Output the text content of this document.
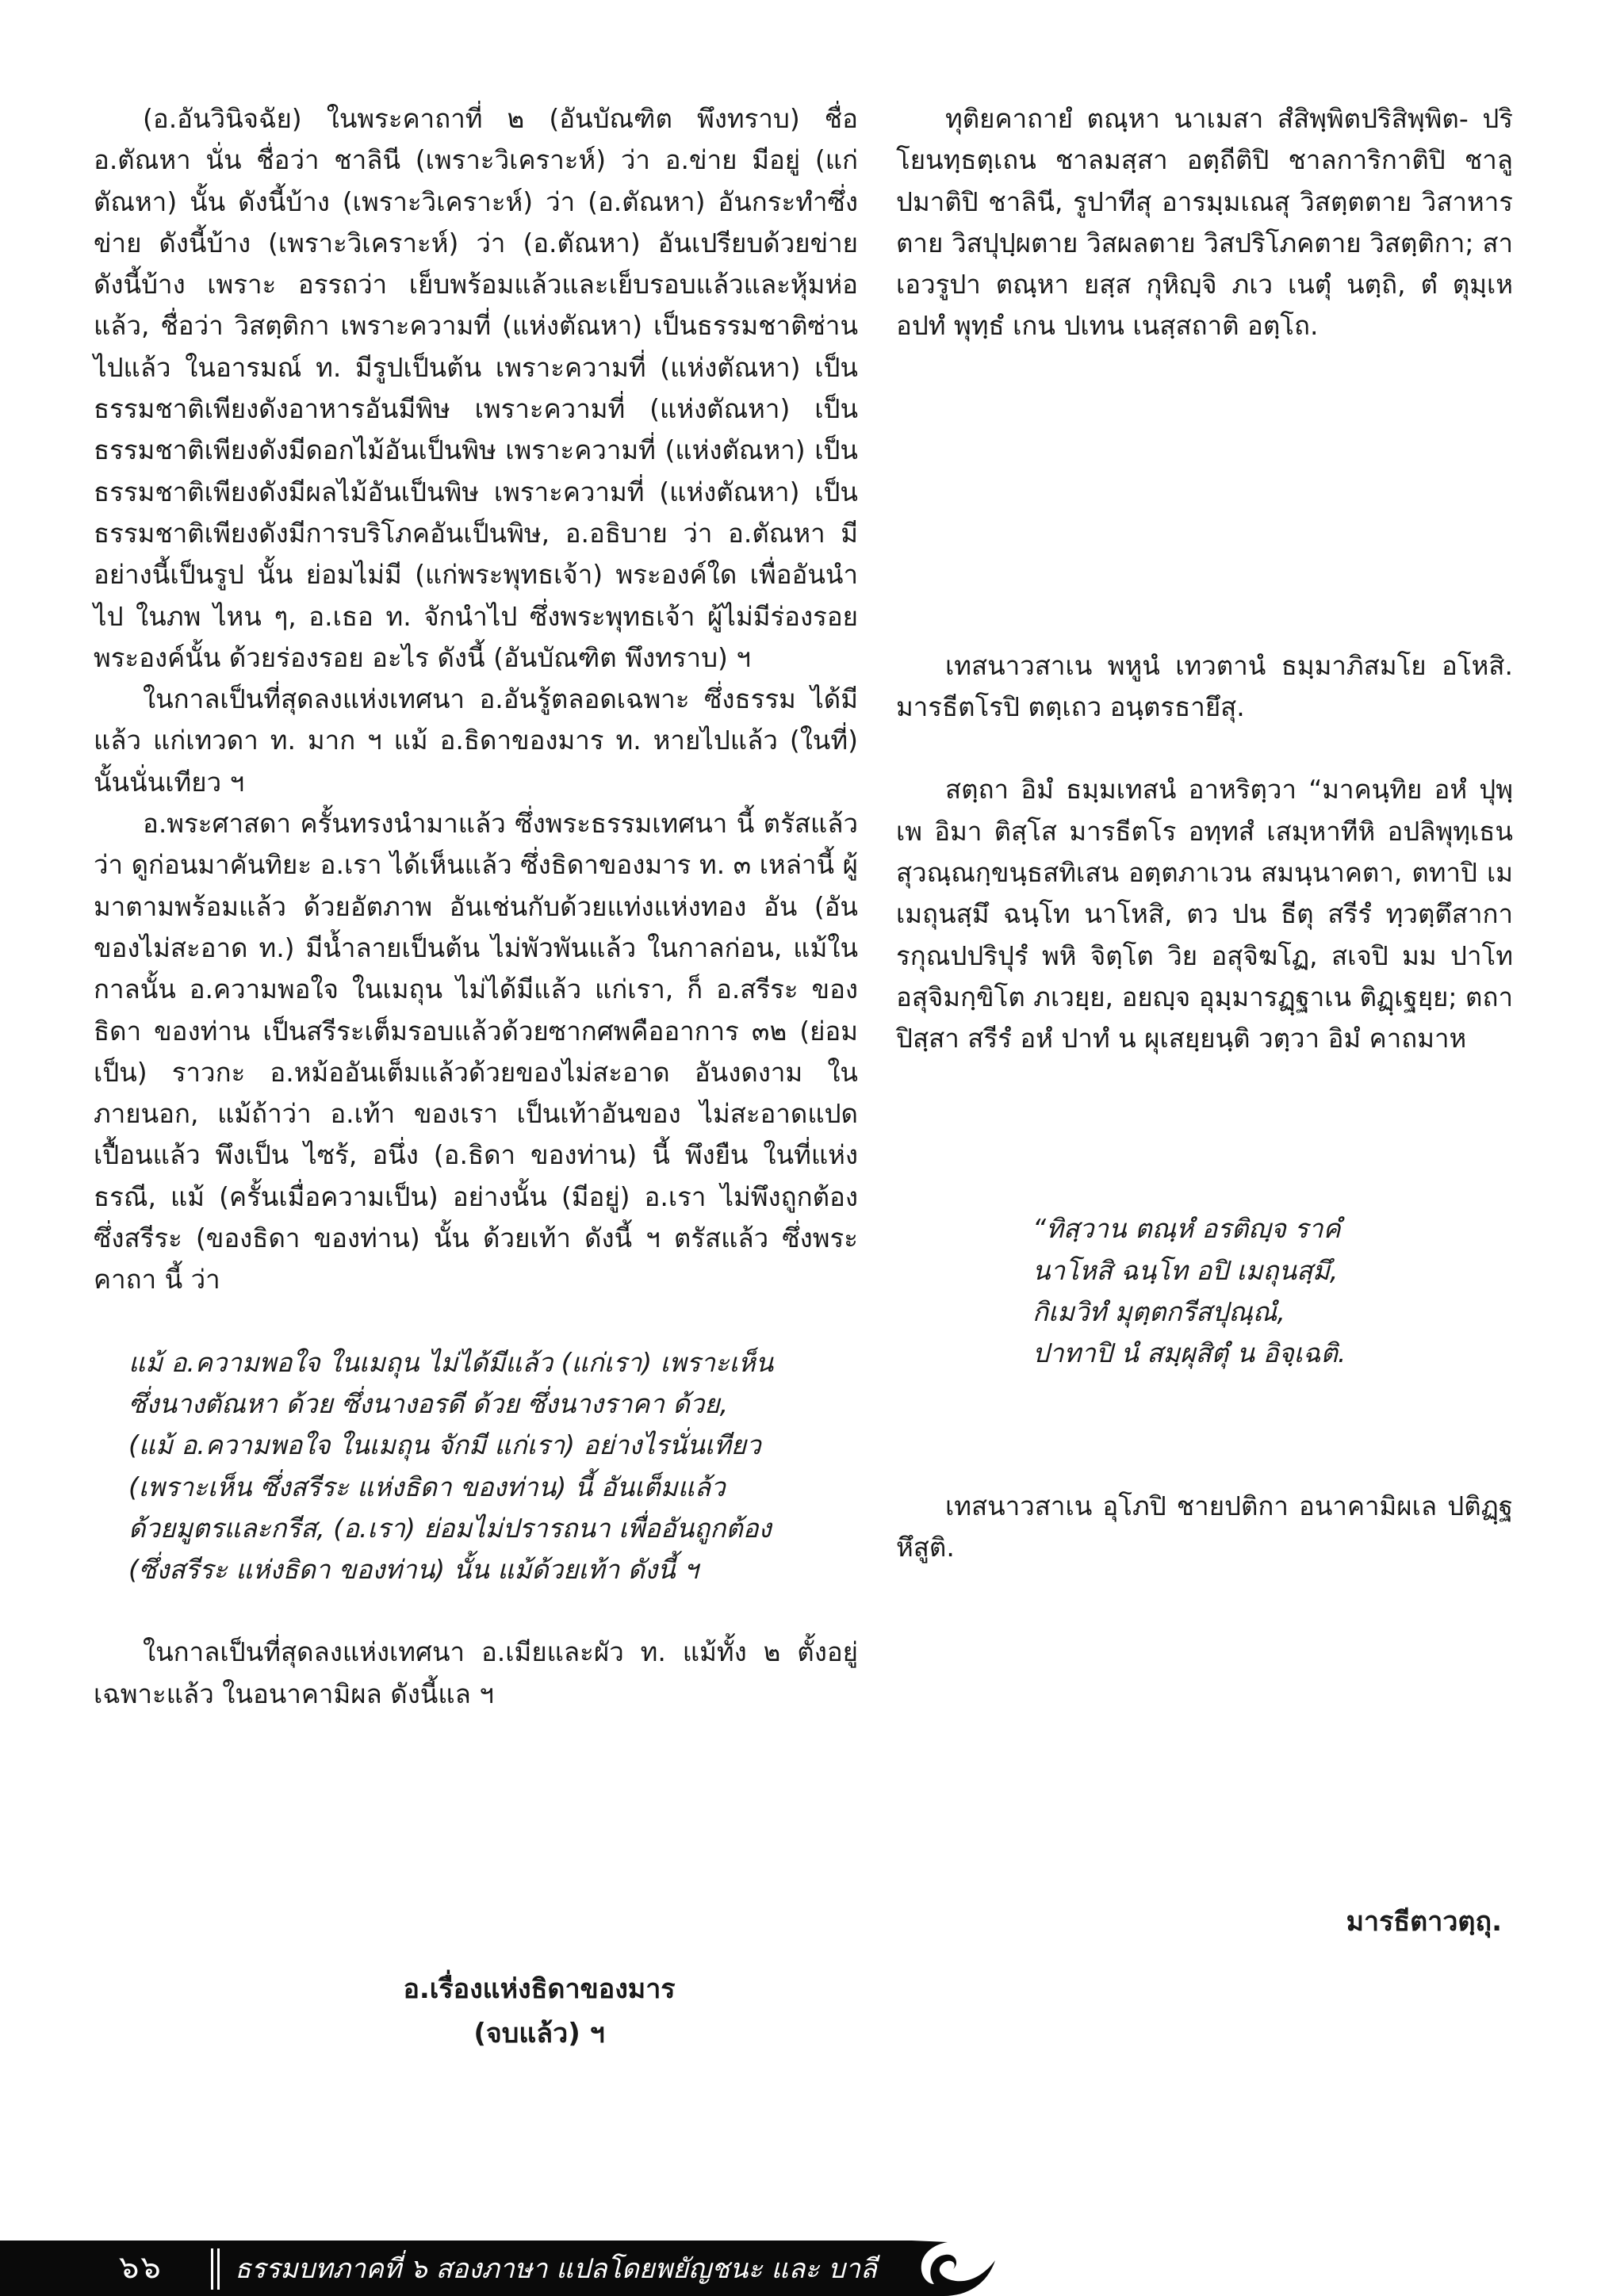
(อ.อันวินิจฉัย) ในพระคาถาที่ ๒ (อันบัณฑิต พึงทราบ) ชื่อ อ.ตัณหา นั่น ชื่อว่า ชาลินี (เพราะวิเคราะห์) ว่า อ.ข่าย มีอยู่ (แก่ตัณหา) นั้น ดังนี้บ้าง (เพราะวิเคราะห์) ว่า (อ.ตัณหา) อันกระทำซึ่งข่าย ดังนี้บ้าง (เพราะวิเคราะห์) ว่า (อ.ตัณหา) อันเปรียบด้วยข่าย ดังนี้บ้าง เพราะ อรรถว่า เย็บพร้อมแล้วและเย็บรอบแล้วและหุ้มห่อแล้ว, ชื่อว่า วิสตฺติกา เพราะความที่ (แห่งตัณหา) เป็นธรรมชาติซ่านไปแล้ว ในอารมณ์ ท. มีรูปเป็นต้น เพราะความที่ (แห่งตัณหา) เป็น ธรรมชาติเพียงดังอาหารอันมีพิษ เพราะความที่ (แห่งตัณหา) เป็น ธรรมชาติเพียงดังมีดอกไม้อันเป็นพิษ เพราะความที่ (แห่งตัณหา) เป็น ธรรมชาติเพียงดังมีผลไม้อันเป็นพิษ เพราะความที่ (แห่งตัณหา) เป็นธรรมชาติเพียงดังมีการบริโภคอันเป็นพิษ, อ.อธิบาย ว่า อ.ตัณหา มีอย่างนี้เป็นรูป นั้น ย่อมไม่มี (แก่พระพุทธเจ้า) พระองค์ใด เพื่ออันนำไป ในภพ ไหน ๆ, อ.เธอ ท. จักนำไป ซึ่งพระพุทธเจ้า ผู้ไม่มีร่องรอย พระองค์นั้น ด้วยร่องรอย อะไร ดังนี้ (อันบัณฑิต พึงทราบ) ฯ

ในกาลเป็นที่สุดลงแห่งเทศนา อ.อันรู้ตลอดเฉพาะ ซึ่งธรรม ได้มีแล้ว แก่เทวดา ท. มาก ฯ แม้ อ.ธิดาของมาร ท. หายไปแล้ว (ในที่) นั้นนั่นเทียว ฯ

อ.พระศาสดา ครั้นทรงนำมาแล้ว ซึ่งพระธรรมเทศนา นี้ ตรัสแล้ว ว่า ดูก่อนมาคันทิยะ อ.เรา ได้เห็นแล้ว ซึ่งธิดาของมาร ท. ๓ เหล่านี้ ผู้มาตามพร้อมแล้ว ด้วยอัตภาพ อันเช่นกับด้วยแท่งแห่งทอง อัน (อันของไม่สะอาด ท.) มีน้ำลายเป็นต้น ไม่พัวพันแล้ว ในกาลก่อน, แม้ในกาลนั้น อ.ความพอใจ ในเมถุน ไม่ได้มีแล้ว แก่เรา, ก็ อ.สรีระ ของธิดา ของท่าน เป็นสรีระเต็มรอบแล้วด้วยซากศพคืออาการ ๓๒ (ย่อมเป็น) ราวกะ อ.หม้ออันเต็มแล้วด้วยของไม่สะอาด อันงดงาม ในภายนอก, แม้ถ้าว่า อ.เท้า ของเรา เป็นเท้าอันของ ไม่สะอาดแปดเปื้อนแล้ว พึงเป็น ไซร้, อนึ่ง (อ.ธิดา ของท่าน) นี้ พึงยืน ในที่แห่งธรณี, แม้ (ครั้นเมื่อความเป็น) อย่างนั้น (มีอยู่) อ.เรา ไม่พึงถูกต้อง ซึ่งสรีระ (ของธิดา ของท่าน) นั้น ด้วยเท้า ดังนี้ ฯ ตรัสแล้ว ซึ่งพระคาถา นี้ ว่า

แม้ อ.ความพอใจ ในเมถุน ไม่ได้มีแล้ว (แก่เรา) เพราะเห็น
ซึ่งนางตัณหา ด้วย ซึ่งนางอรดี ด้วย ซึ่งนางราคา ด้วย,
(แม้ อ.ความพอใจ ในเมถุน จักมี แก่เรา) อย่างไรนั่นเทียว
(เพราะเห็น ซึ่งสรีระ แห่งธิดา ของท่าน) นี้ อันเต็มแล้ว
ด้วยมูตรและกรีส, (อ.เรา) ย่อมไม่ปรารถนา เพื่ออันถูกต้อง
(ซึ่งสรีระ แห่งธิดา ของท่าน) นั้น แม้ด้วยเท้า ดังนี้ ฯ

ในกาลเป็นที่สุดลงแห่งเทศนา อ.เมียและผัว ท. แม้ทั้ง ๒ ตั้งอยู่เฉพาะแล้ว ในอนาคามิผล ดังนี้แล ฯ

อ.เรื่องแห่งธิดาของมาร
(จบแล้ว) ฯ

ทุติยคาถายํ ตณฺหา นาเมสา สํสิพฺพิตปริสิพฺพิต- ปริโยนทฺธตฺเถน ชาลมสฺสา อตฺถีติปิ ชาลการิกาติปิ ชาลูปมาติปิ ชาลินี, รูปาทีสุ อารมฺมเณสุ วิสตฺตตาย วิสาหารตาย วิสปุปฺผตาย วิสผลตาย วิสปริโภคตาย วิสตฺติกา; สา เอวรูปา ตณฺหา ยสฺส กุหิญฺจิ ภเว เนตุํ นตฺถิ, ตํ ตุมฺเห อปทํ พุทฺธํ เกน ปเทน เนสฺสถาติ อตฺโถ.

เทสนาวสาเน พหูนํ เทวตานํ ธมฺมาภิสมโย อโหสิ. มารธีตโรปิ ตตฺเถว อนฺตรธายึสุ.

สตฺถา อิมํ ธมฺมเทสนํ อาหริตฺวา “มาคนฺทิย อหํ ปุพฺเพ อิมา ติสฺโส มารธีตโร อทฺทสํ เสมฺหาทีหิ อปลิพุทฺเธน สุวณฺณกฺขนฺธสทิเสน อตฺตภาเวน สมนฺนาคตา, ตทาปิ เม เมถุนสฺมึ ฉนฺโท นาโหสิ, ตว ปน ธีตุ สรีรํ ทฺวตฺตึสาการกุณปปริปุรํ พหิ จิตฺโต วิย อสุจิฆโฏ, สเจปิ มม ปาโท อสุจิมกฺขิโต ภเวยฺย, อยญฺจ อุมฺมารฏฺฐาเน ติฏฺเฐยฺย; ตถาปิสฺสา สรีรํ อหํ ปาทํ น ผุเสยฺยนฺติ วตฺวา อิมํ คาถมาห

“ทิสฺวาน ตณฺหํ อรติญฺจ ราคํ
นาโหสิ ฉนฺโท อปิ เมถุนสฺมึ,
กิเมวิทํ มุตฺตกรีสปุณฺณํ,
ปาทาปิ นํ สมฺผุสิตุํ น อิจฺเฉติ.

เทสนาวสาเน อุโภปิ ชายปติกา อนาคามิผเล ปติฏฺฐหึสูติ.

มารธีตาวตฺถุ.
๖๖	ธรรมบทภาคที่ ๖ สองภาษา แปลโดยพยัญชนะ และ บาลี
